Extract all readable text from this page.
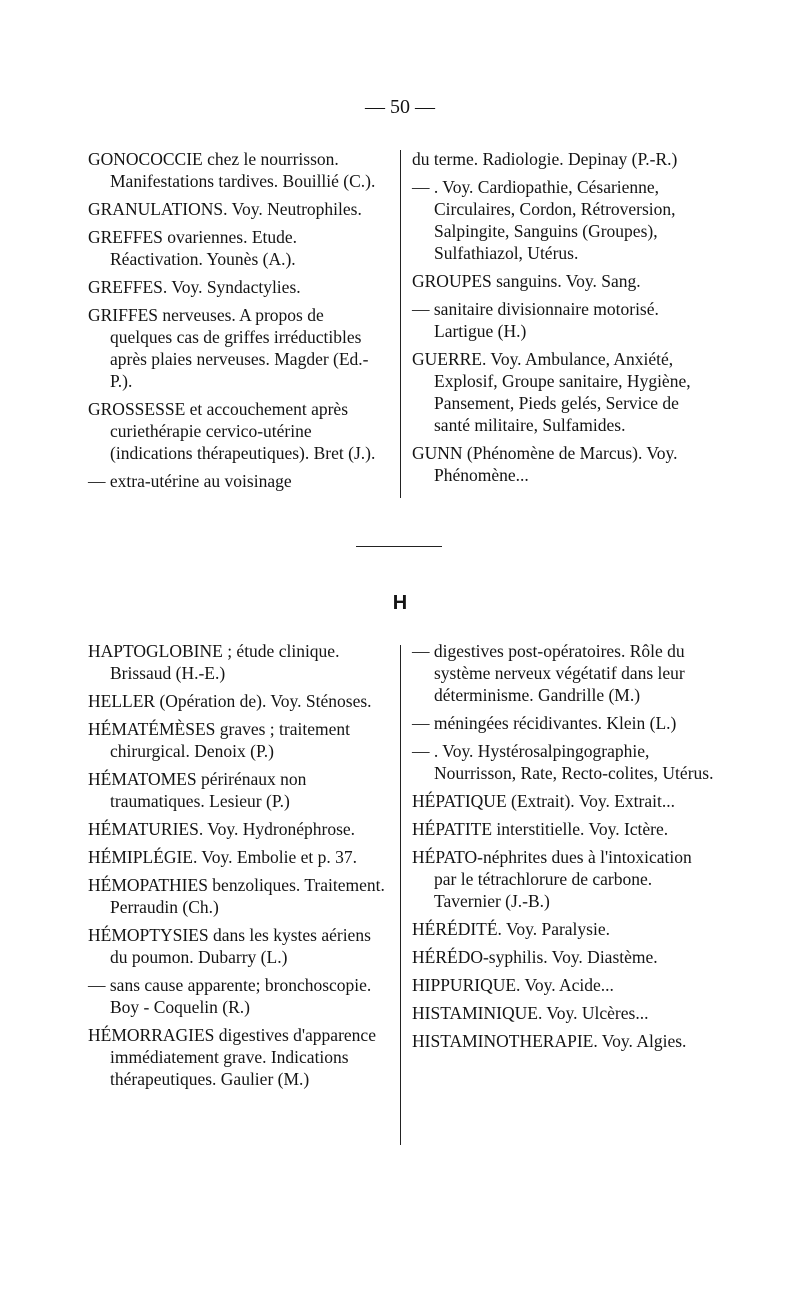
— 50 —
GONOCOCCIE chez le nourrisson. Manifestations tardives. Bouillié (C.).
GRANULATIONS. Voy. Neutrophiles.
GREFFES ovariennes. Etude. Réactivation. Younès (A.).
GREFFES. Voy. Syndactylies.
GRIFFES nerveuses. A propos de quelques cas de griffes irréductibles après plaies nerveuses. Magder (Ed.-P.).
GROSSESSE et accouchement après curiethérapie cervico-utérine (indications thérapeutiques). Bret (J.).
— extra-utérine au voisinage
du terme. Radiologie. Depinay (P.-R.)
— . Voy. Cardiopathie, Césarienne, Circulaires, Cordon, Rétroversion, Salpingite, Sanguins (Groupes), Sulfathiazol, Utérus.
GROUPES sanguins. Voy. Sang.
— sanitaire divisionnaire motorisé. Lartigue (H.)
GUERRE. Voy. Ambulance, Anxiété, Explosif, Groupe sanitaire, Hygiène, Pansement, Pieds gelés, Service de santé militaire, Sulfamides.
GUNN (Phénomène de Marcus). Voy. Phénomène...
H
HAPTOGLOBINE ; étude clinique. Brissaud (H.-E.)
HELLER (Opération de). Voy. Sténoses.
HÉMATÉMÈSES graves ; traitement chirurgical. Denoix (P.)
HÉMATOMES périrénaux non traumatiques. Lesieur (P.)
HÉMATURIES. Voy. Hydronéphrose.
HÉMIPLÉGIE. Voy. Embolie et p. 37.
HÉMOPATHIES benzoliques. Traitement. Perraudin (Ch.)
HÉMOPTYSIES dans les kystes aériens du poumon. Dubarry (L.)
— sans cause apparente; bronchoscopie. Boy - Coquelin (R.)
HÉMORRAGIES digestives d'apparence immédiatement grave. Indications thérapeutiques. Gaulier (M.)
— digestives post-opératoires. Rôle du système nerveux végétatif dans leur déterminisme. Gandrille (M.)
— méningées récidivantes. Klein (L.)
— . Voy. Hystérosalpingographie, Nourrisson, Rate, Recto-colites, Utérus.
HÉPATIQUE (Extrait). Voy. Extrait...
HÉPATITE interstitielle. Voy. Ictère.
HÉPATO-néphrites dues à l'intoxication par le tétrachlorure de carbone. Tavernier (J.-B.)
HÉRÉDITÉ. Voy. Paralysie.
HÉRÉDO-syphilis. Voy. Diastème.
HIPPURIQUE. Voy. Acide...
HISTAMINIQUE. Voy. Ulcères...
HISTAMINOTHERAPIE. Voy. Algies.
